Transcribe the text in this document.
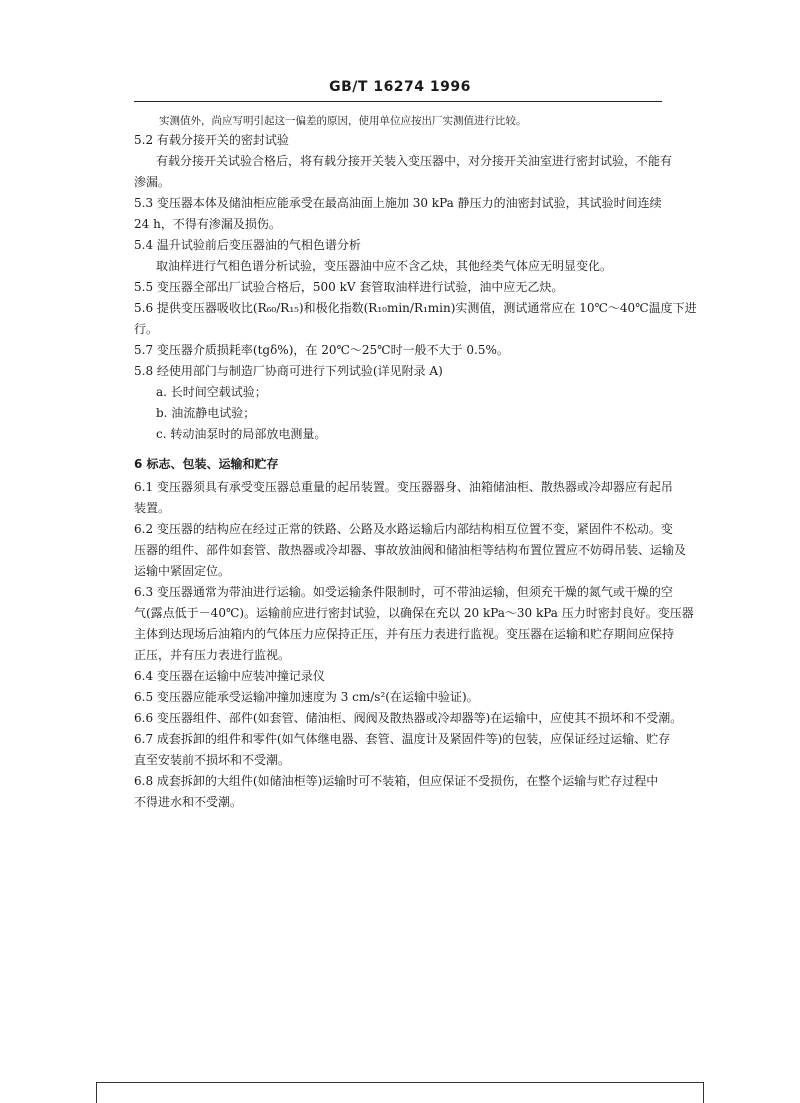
GB/T 16274 1996

实测值外，尚应写明引起这一偏差的原因，使用单位应按出厂实测值进行比较。

5.2 有载分接开关的密封试验

有载分接开关试验合格后，将有载分接开关装入变压器中，对分接开关油室进行密封试验，不能有

渗漏。

5.3 变压器本体及储油柜应能承受在最高油面上施加 30 kPa 静压力的油密封试验，其试验时间连续

24 h，不得有渗漏及损伤。

5.4 温升试验前后变压器油的气相色谱分析

取油样进行气相色谱分析试验，变压器油中应不含乙炔，其他经类气体应无明显变化。

5.5 变压器全部出厂试验合格后，500 kV 套管取油样进行试验，油中应无乙炔。

5.6 提供变压器吸收比(R₆₀/R₁₅)和极化指数(R₁₀min/R₁min)实测值，测试通常应在 10℃～40℃温度下进

行。

5.7 变压器介质损耗率(tgδ%)，在 20℃～25℃时一般不大于 0.5%。

5.8 经使用部门与制造厂协商可进行下列试验(详见附录 A)

a. 长时间空载试验；

b. 油流静电试验；

c. 转动油泵时的局部放电测量。

6 标志、包装、运输和贮存

6.1 变压器须具有承受变压器总重量的起吊装置。变压器器身、油箱储油柜、散热器或冷却器应有起吊

装置。

6.2 变压器的结构应在经过正常的铁路、公路及水路运输后内部结构相互位置不变，紧固件不松动。变

压器的组件、部件如套管、散热器或冷却器、事故放油阀和储油柜等结构布置位置应不妨碍吊装、运输及

运输中紧固定位。

6.3 变压器通常为带油进行运输。如受运输条件限制时，可不带油运输，但须充干燥的氮气或干燥的空

气(露点低于－40℃)。运输前应进行密封试验，以确保在充以 20 kPa～30 kPa 压力时密封良好。变压器

主体到达现场后油箱内的气体压力应保持正压，并有压力表进行监视。变压器在运输和贮存期间应保持

正压，并有压力表进行监视。

6.4 变压器在运输中应装冲撞记录仪

6.5 变压器应能承受运输冲撞加速度为 3 cm/s²(在运输中验证)。

6.6 变压器组件、部件(如套管、储油柜、阀阀及散热器或冷却器等)在运输中，应使其不损坏和不受潮。

6.7 成套拆卸的组件和零件(如气体继电器、套管、温度计及紧固件等)的包装，应保证经过运输、贮存

直至安装前不损坏和不受潮。

6.8 成套拆卸的大组件(如储油柜等)运输时可不装箱，但应保证不受损伤，在整个运输与贮存过程中

不得进水和不受潮。
